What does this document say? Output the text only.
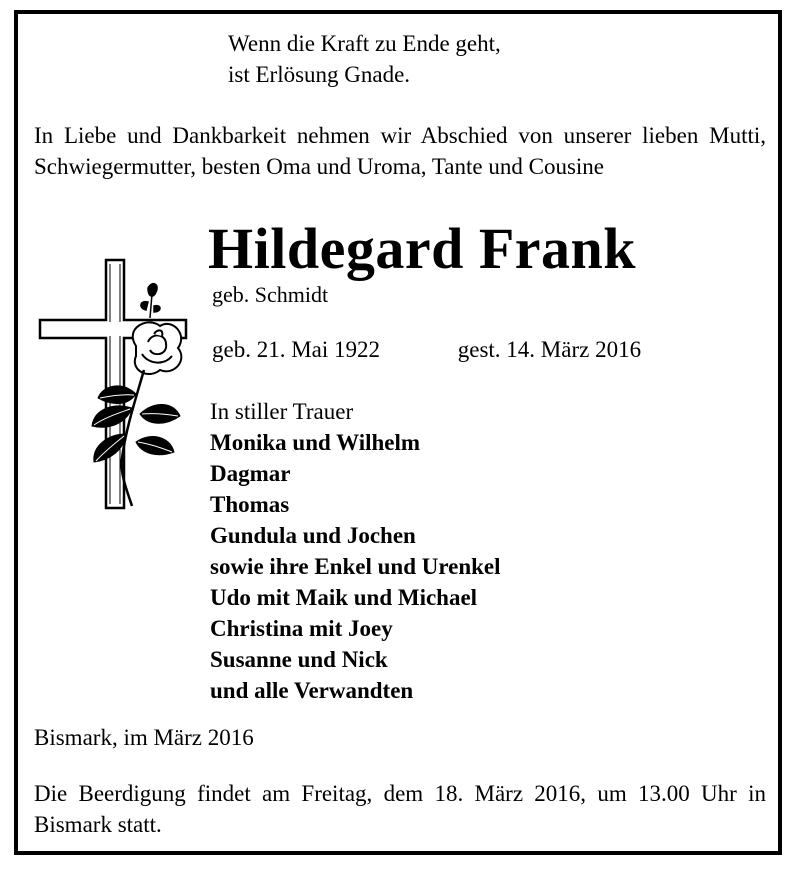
Wenn die Kraft zu Ende geht,
ist Erlösung Gnade.
In Liebe und Dankbarkeit nehmen wir Abschied von unserer lieben Mutti, Schwiegermutter, besten Oma und Uroma, Tante und Cousine
Hildegard Frank
geb. Schmidt
geb. 21. Mai 1922	gest. 14. März 2016
In stiller Trauer
Monika und Wilhelm
Dagmar
Thomas
Gundula und Jochen
sowie ihre Enkel und Urenkel
Udo mit Maik und Michael
Christina mit Joey
Susanne und Nick
und alle Verwandten
Bismark, im März 2016
Die Beerdigung findet am Freitag, dem 18. März 2016, um 13.00 Uhr in Bismark statt.
